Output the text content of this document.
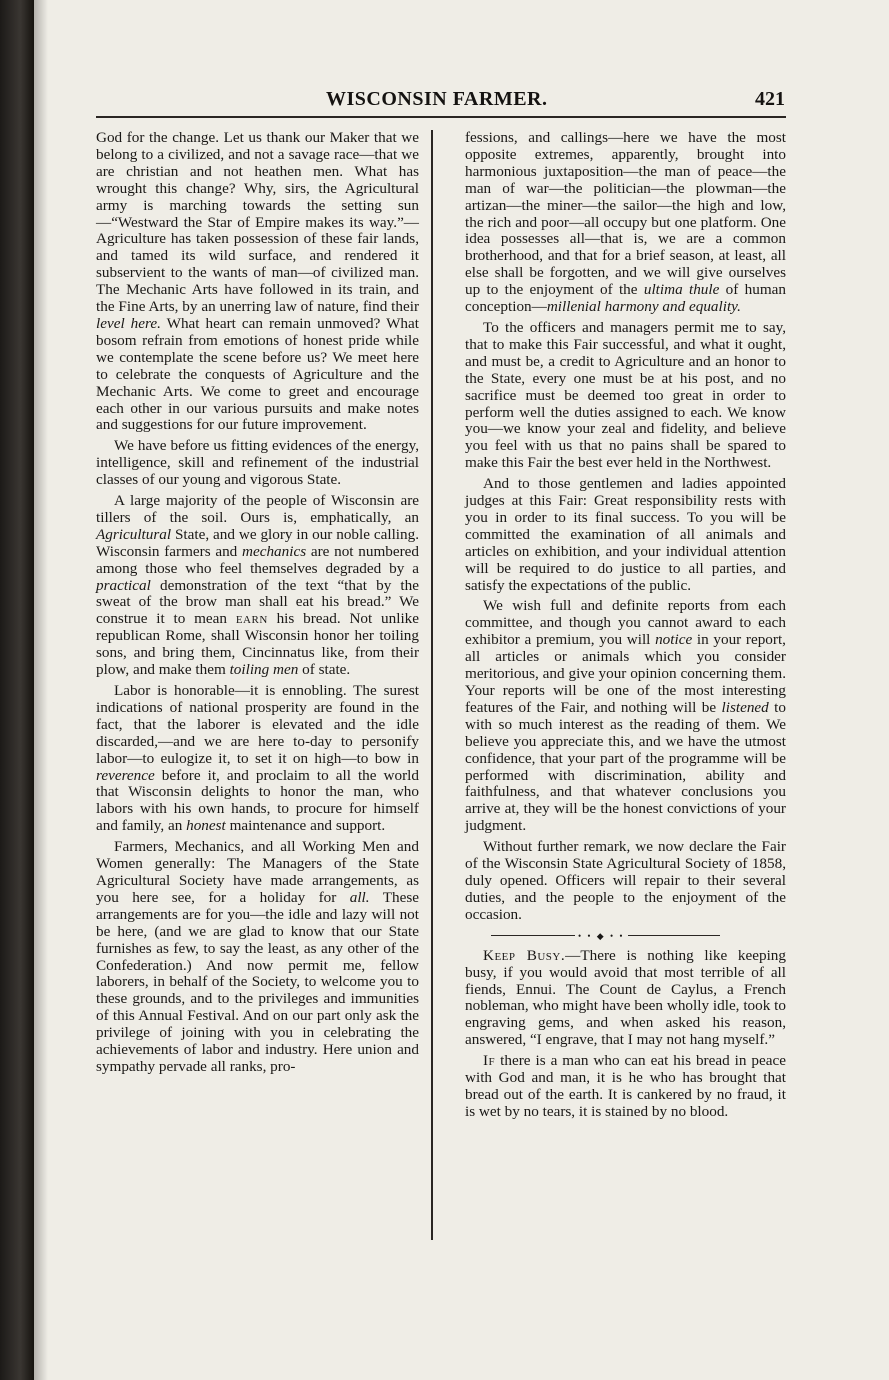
WISCONSIN FARMER.	421

God for the change. Let us thank our Maker that we belong to a civilized, and not a savage race—that we are christian and not heathen men. What has wrought this change? Why, sirs, the Agricultural army is marching towards the setting sun—“Westward the Star of Empire makes its way.”—Agriculture has taken possession of these fair lands, and tamed its wild surface, and rendered it subservient to the wants of man—of civilized man. The Mechanic Arts have followed in its train, and the Fine Arts, by an unerring law of nature, find their level here. What heart can remain unmoved? What bosom refrain from emotions of honest pride while we contemplate the scene before us? We meet here to celebrate the conquests of Agriculture and the Mechanic Arts. We come to greet and encourage each other in our various pursuits and make notes and suggestions for our future improvement.

We have before us fitting evidences of the energy, intelligence, skill and refinement of the industrial classes of our young and vigorous State.

A large majority of the people of Wisconsin are tillers of the soil. Ours is, emphatically, an Agricultural State, and we glory in our noble calling. Wisconsin farmers and mechanics are not numbered among those who feel themselves degraded by a practical demonstration of the text “that by the sweat of the brow man shall eat his bread.” We construe it to mean earn his bread. Not unlike republican Rome, shall Wisconsin honor her toiling sons, and bring them, Cincinnatus like, from their plow, and make them toiling men of state.

Labor is honorable—it is ennobling. The surest indications of national prosperity are found in the fact, that the laborer is elevated and the idle discarded,—and we are here to-day to personify labor—to eulogize it, to set it on high—to bow in reverence before it, and proclaim to all the world that Wisconsin delights to honor the man, who labors with his own hands, to procure for himself and family, an honest maintenance and support.

Farmers, Mechanics, and all Working Men and Women generally: The Managers of the State Agricultural Society have made arrangements, as you here see, for a holiday for all. These arrangements are for you—the idle and lazy will not be here, (and we are glad to know that our State furnishes as few, to say the least, as any other of the Confederation.) And now permit me, fellow laborers, in behalf of the Society, to welcome you to these grounds, and to the privileges and immunities of this Annual Festival. And on our part only ask the privilege of joining with you in celebrating the achievements of labor and industry. Here union and sympathy pervade all ranks, pro-

fessions, and callings—here we have the most opposite extremes, apparently, brought into harmonious juxtaposition—the man of peace—the man of war—the politician—the plowman—the artizan—the miner—the sailor—the high and low, the rich and poor—all occupy but one platform. One idea possesses all—that is, we are a common brotherhood, and that for a brief season, at least, all else shall be forgotten, and we will give ourselves up to the enjoyment of the ultima thule of human conception—millenial harmony and equality.

To the officers and managers permit me to say, that to make this Fair successful, and what it ought, and must be, a credit to Agriculture and an honor to the State, every one must be at his post, and no sacrifice must be deemed too great in order to perform well the duties assigned to each. We know you—we know your zeal and fidelity, and believe you feel with us that no pains shall be spared to make this Fair the best ever held in the Northwest.

And to those gentlemen and ladies appointed judges at this Fair: Great responsibility rests with you in order to its final success. To you will be committed the examination of all animals and articles on exhibition, and your individual attention will be required to do justice to all parties, and satisfy the expectations of the public.

We wish full and definite reports from each committee, and though you cannot award to each exhibitor a premium, you will notice in your report, all articles or animals which you consider meritorious, and give your opinion concerning them. Your reports will be one of the most interesting features of the Fair, and nothing will be listened to with so much interest as the reading of them. We believe you appreciate this, and we have the utmost confidence, that your part of the programme will be performed with discrimination, ability and faithfulness, and that whatever conclusions you arrive at, they will be the honest convictions of your judgment.

Without further remark, we now declare the Fair of the Wisconsin State Agricultural Society of 1858, duly opened. Officers will repair to their several duties, and the people to the enjoyment of the occasion.

• • ◆ • •

Keep Busy.—There is nothing like keeping busy, if you would avoid that most terrible of all fiends, Ennui. The Count de Caylus, a French nobleman, who might have been wholly idle, took to engraving gems, and when asked his reason, answered, “I engrave, that I may not hang myself.”

If there is a man who can eat his bread in peace with God and man, it is he who has brought that bread out of the earth. It is cankered by no fraud, it is wet by no tears, it is stained by no blood.
